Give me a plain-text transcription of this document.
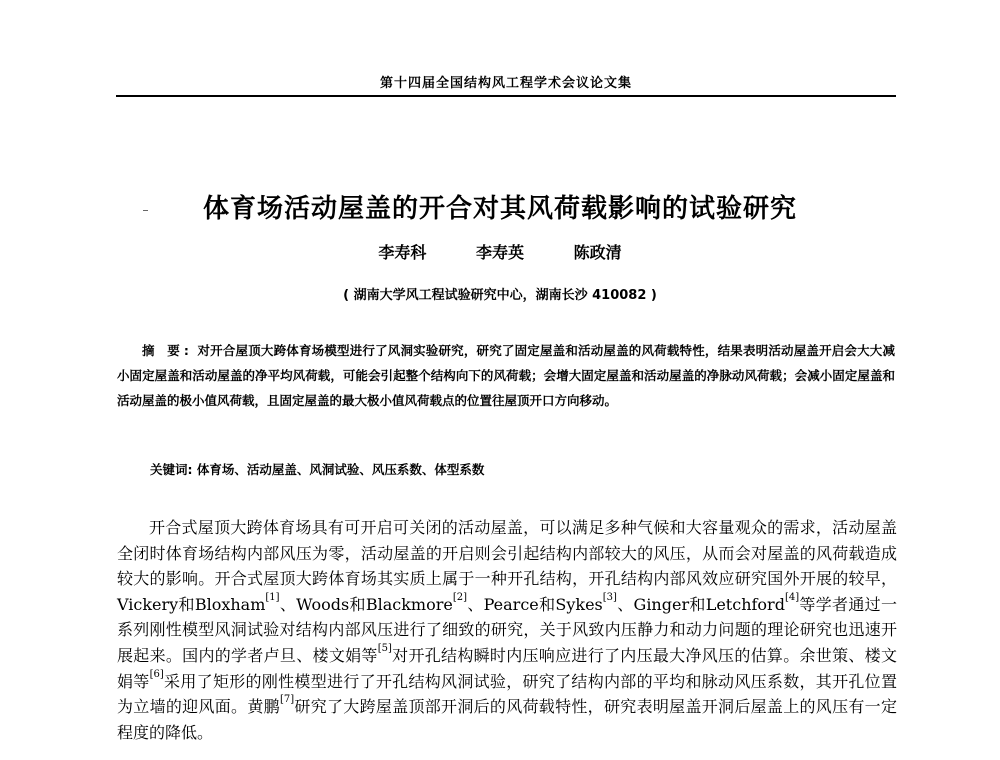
第十四届全国结构风工程学术会议论文集
体育场活动屋盖的开合对其风荷载影响的试验研究
李寿科	李寿英	陈政清
( 湖南大学风工程试验研究中心，湖南长沙 410082 )
摘 要: 对开合屋顶大跨体育场模型进行了风洞实验研究，研究了固定屋盖和活动屋盖的风荷载特性，结果表明活动屋盖开启会大大减小固定屋盖和活动屋盖的净平均风荷载，可能会引起整个结构向下的风荷载；会增大固定屋盖和活动屋盖的净脉动风荷载；会减小固定屋盖和活动屋盖的极小值风荷载，且固定屋盖的最大极小值风荷载点的位置往屋顶开口方向移动。
关键词: 体育场、活动屋盖、风洞试验、风压系数、体型系数
开合式屋顶大跨体育场具有可开启可关闭的活动屋盖，可以满足多种气候和大容量观众的需求，活动屋盖全闭时体育场结构内部风压为零，活动屋盖的开启则会引起结构内部较大的风压，从而会对屋盖的风荷载造成较大的影响。开合式屋顶大跨体育场其实质上属于一种开孔结构，开孔结构内部风效应研究国外开展的较早，Vickery和Bloxham[1]、Woods和Blackmore[2]、Pearce和Sykes[3]、Ginger和Letchford[4]等学者通过一系列刚性模型风洞试验对结构内部风压进行了细致的研究，关于风致内压静力和动力问题的理论研究也迅速开展起来。国内的学者卢旦、楼文娟等[5]对开孔结构瞬时内压响应进行了内压最大净风压的估算。余世策、楼文娟等[6]采用了矩形的刚性模型进行了开孔结构风洞试验，研究了结构内部的平均和脉动风压系数，其开孔位置为立墙的迎风面。黄鹏[7]研究了大跨屋盖顶部开洞后的风荷载特性，研究表明屋盖开洞后屋盖上的风压有一定程度的降低。
